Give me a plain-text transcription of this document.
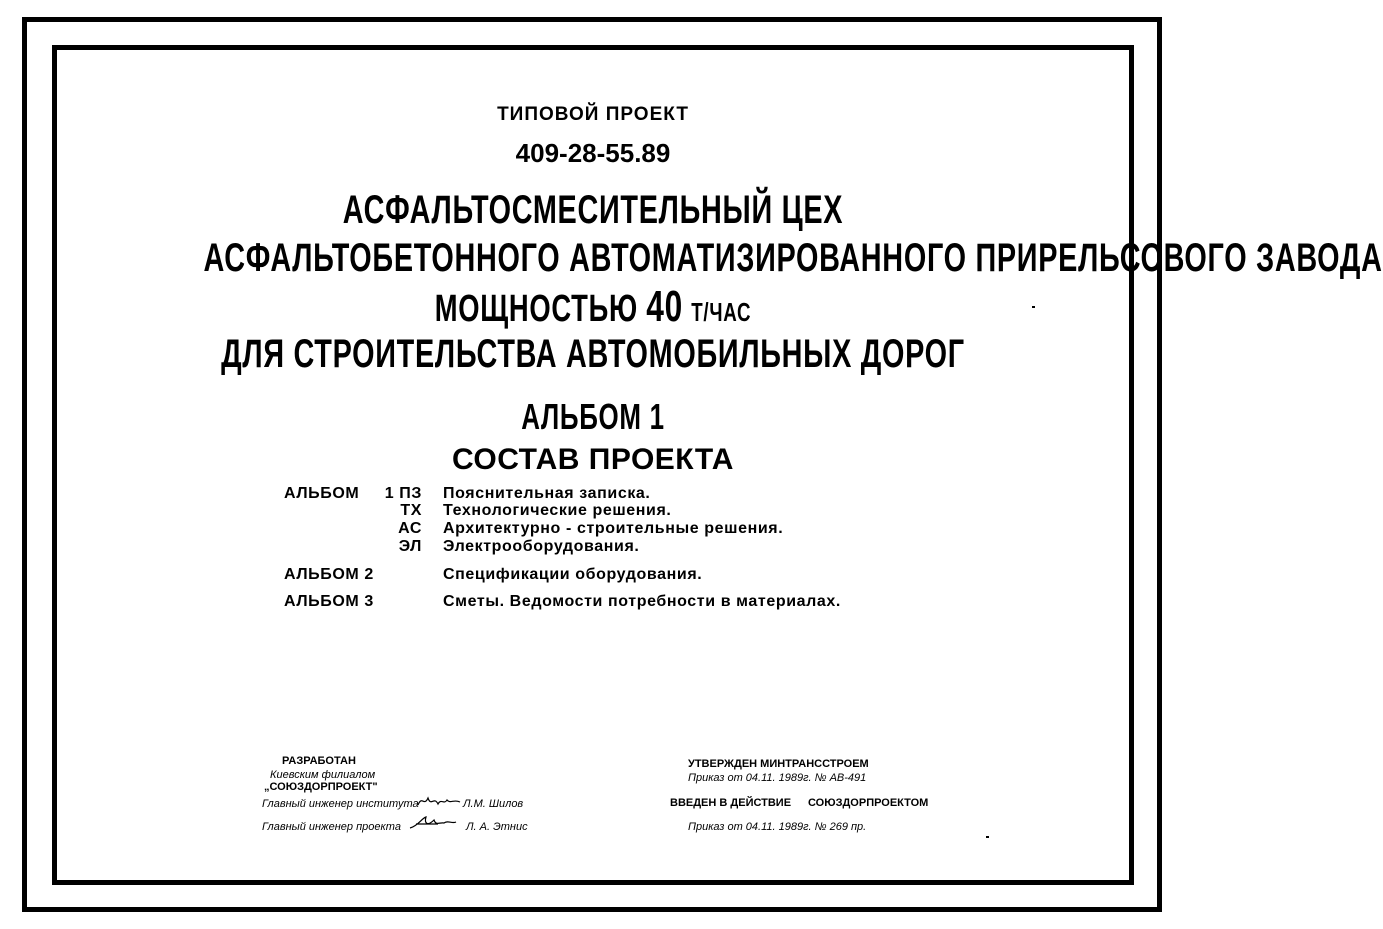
ТИПОВОЙ ПРОЕКТ
409-28-55.89
АСФАЛЬТОСМЕСИТЕЛЬНЫЙ ЦЕХ
АСФАЛЬТОБЕТОННОГО АВТОМАТИЗИРОВАННОГО ПРИРЕЛЬСОВОГО ЗАВОДА
МОЩНОСТЬЮ 40 Т/ЧАС
ДЛЯ СТРОИТЕЛЬСТВА АВТОМОБИЛЬНЫХ ДОРОГ
АЛЬБОМ 1
СОСТАВ ПРОЕКТА
АЛЬБОМ	1 ПЗ Пояснительная записка.
ТХ Технологические решения.
АС Архитектурно - строительные решения.
ЭЛ Электрооборудования.
АЛЬБОМ 2	Спецификации оборудования.
АЛЬБОМ 3	Сметы. Ведомости потребности в материалах.
РАЗРАБОТАН
Киевским филиалом
„СОЮЗДОРПРОЕКТ"
Главный инженер института	Л.М. Шилов
Главный инженер проекта	Л. А. Этнис
УТВЕРЖДЕН МИНТРАНССТРОЕМ
Приказ от 04.11. 1989г. № АВ-491
ВВЕДЕН В ДЕЙСТВИЕ СОЮЗДОРПРОЕКТОМ
Приказ от 04.11. 1989г. № 269 пр.
